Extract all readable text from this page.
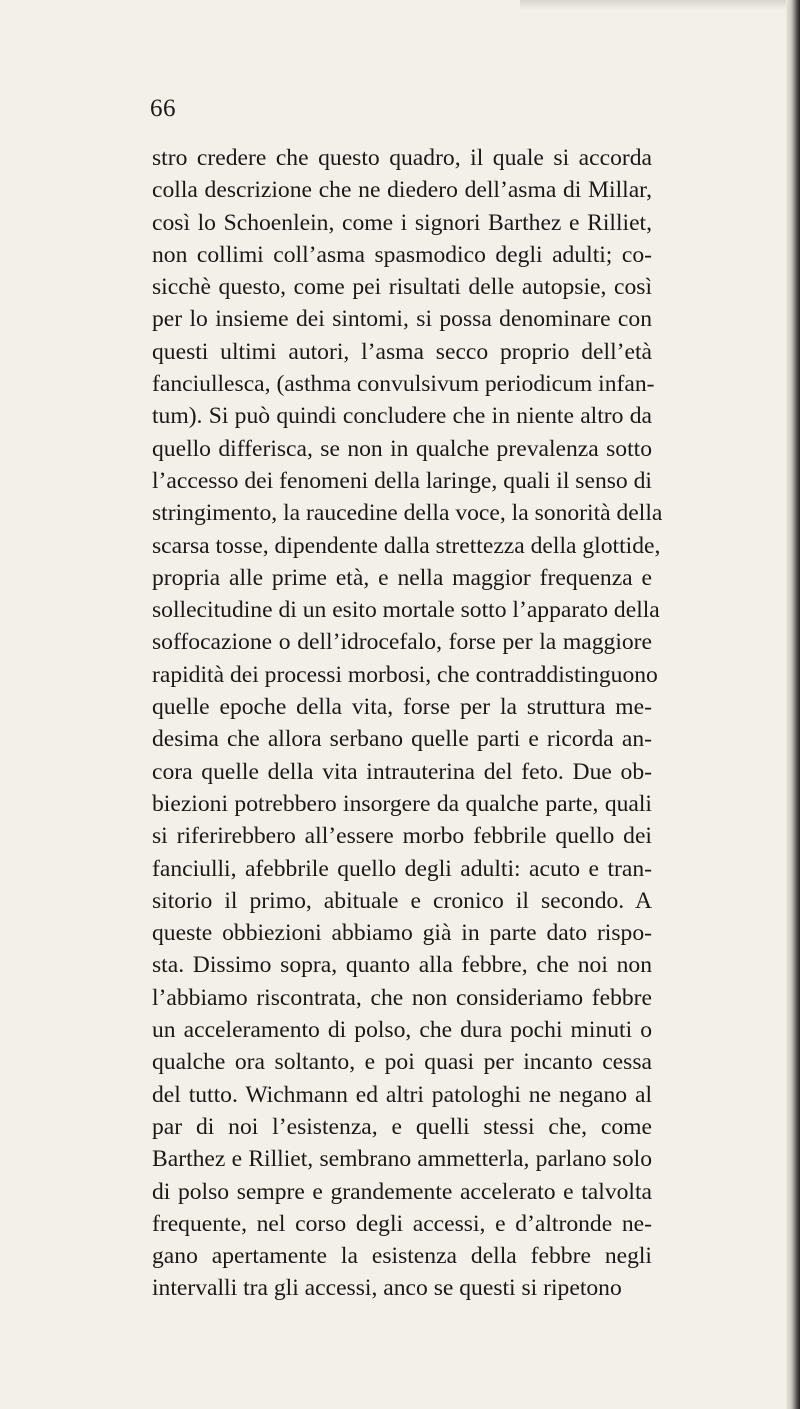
66
stro credere che questo quadro, il quale si accorda
colla descrizione che ne diedero dell’asma di Millar,
così lo Schoenlein, come i signori Barthez e Rilliet,
non collimi coll’asma spasmodico degli adulti; co-
sicchè questo, come pei risultati delle autopsie, così
per lo insieme dei sintomi, si possa denominare con
questi ultimi autori, l’asma secco proprio dell’età
fanciullesca, (asthma convulsivum periodicum infan-
tum). Si può quindi concludere che in niente altro da
quello differisca, se non in qualche prevalenza sotto
l’accesso dei fenomeni della laringe, quali il senso di
stringimento, la raucedine della voce, la sonorità della
scarsa tosse, dipendente dalla strettezza della glottide,
propria alle prime età, e nella maggior frequenza e
sollecitudine di un esito mortale sotto l’apparato della
soffocazione o dell’idrocefalo, forse per la maggiore
rapidità dei processi morbosi, che contraddistinguono
quelle epoche della vita, forse per la struttura me-
desima che allora serbano quelle parti e ricorda an-
cora quelle della vita intrauterina del feto. Due ob-
biezioni potrebbero insorgere da qualche parte, quali
si riferirebbero all’essere morbo febbrile quello dei
fanciulli, afebbrile quello degli adulti: acuto e tran-
sitorio il primo, abituale e cronico il secondo. A
queste obbiezioni abbiamo già in parte dato rispo-
sta. Dissimo sopra, quanto alla febbre, che noi non
l’abbiamo riscontrata, che non consideriamo febbre
un acceleramento di polso, che dura pochi minuti o
qualche ora soltanto, e poi quasi per incanto cessa
del tutto. Wichmann ed altri patologhi ne negano al
par di noi l’esistenza, e quelli stessi che, come
Barthez e Rilliet, sembrano ammetterla, parlano solo
di polso sempre e grandemente accelerato e talvolta
frequente, nel corso degli accessi, e d’altronde ne-
gano apertamente la esistenza della febbre negli
intervalli tra gli accessi, anco se questi si ripetono
